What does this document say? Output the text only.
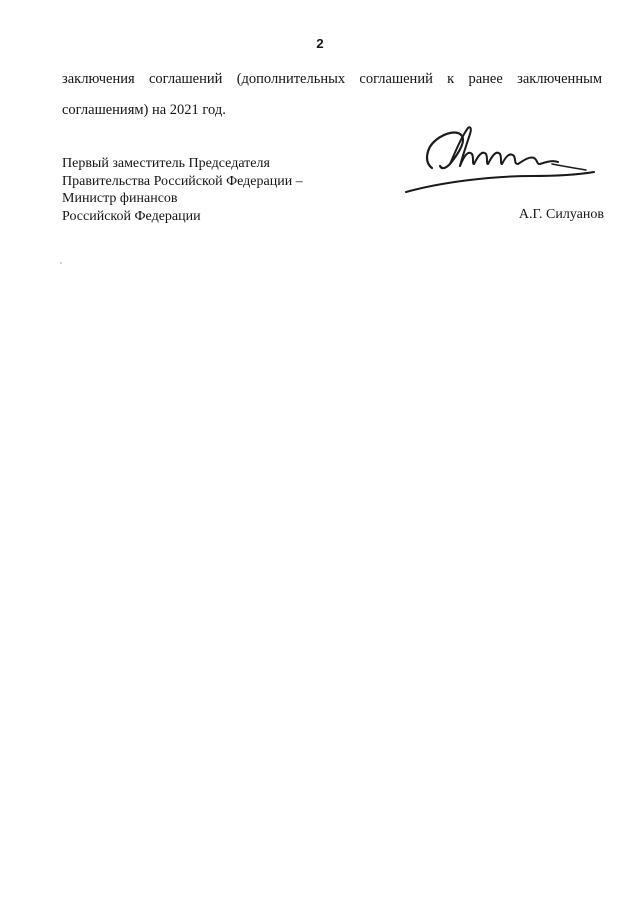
2
заключения соглашений (дополнительных соглашений к ранее заключенным
соглашениям) на 2021 год.
Первый заместитель Председателя
Правительства Российской Федерации –
Министр финансов
Российской Федерации	А.Г. Силуанов
